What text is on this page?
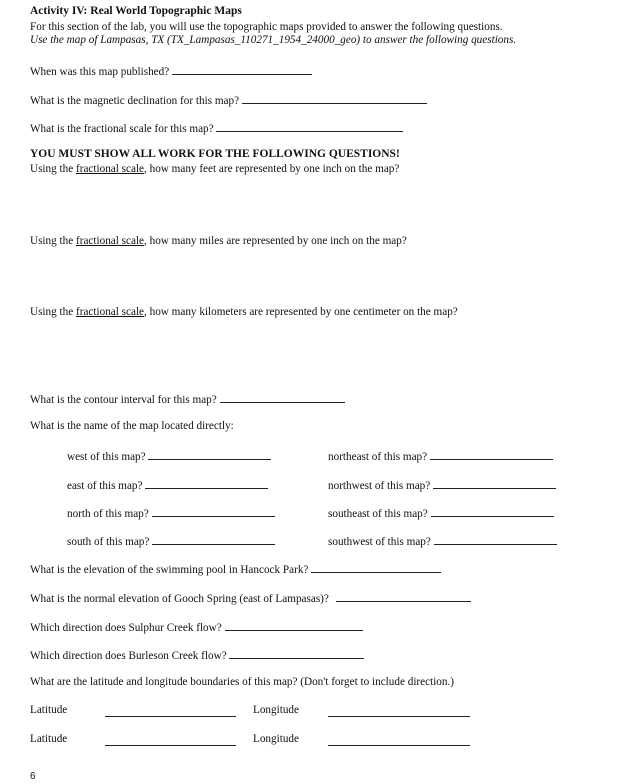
Activity IV: Real World Topographic Maps
For this section of the lab, you will use the topographic maps provided to answer the following questions.
Use the map of Lampasas, TX (TX_Lampasas_110271_1954_24000_geo) to answer the following questions.
When was this map published?
What is the magnetic declination for this map?
What is the fractional scale for this map?
YOU MUST SHOW ALL WORK FOR THE FOLLOWING QUESTIONS!
Using the fractional scale, how many feet are represented by one inch on the map?
Using the fractional scale, how many miles are represented by one inch on the map?
Using the fractional scale, how many kilometers are represented by one centimeter on the map?
What is the contour interval for this map?
What is the name of the map located directly:
west of this map?
east of this map?
north of this map?
south of this map?
northeast of this map?
northwest of this map?
southeast of this map?
southwest of this map?
What is the elevation of the swimming pool in Hancock Park?
What is the normal elevation of Gooch Spring (east of Lampasas)?
Which direction does Sulphur Creek flow?
Which direction does Burleson Creek flow?
What are the latitude and longitude boundaries of this map? (Don't forget to include direction.)
Latitude	Longitude
Latitude	Longitude
6
